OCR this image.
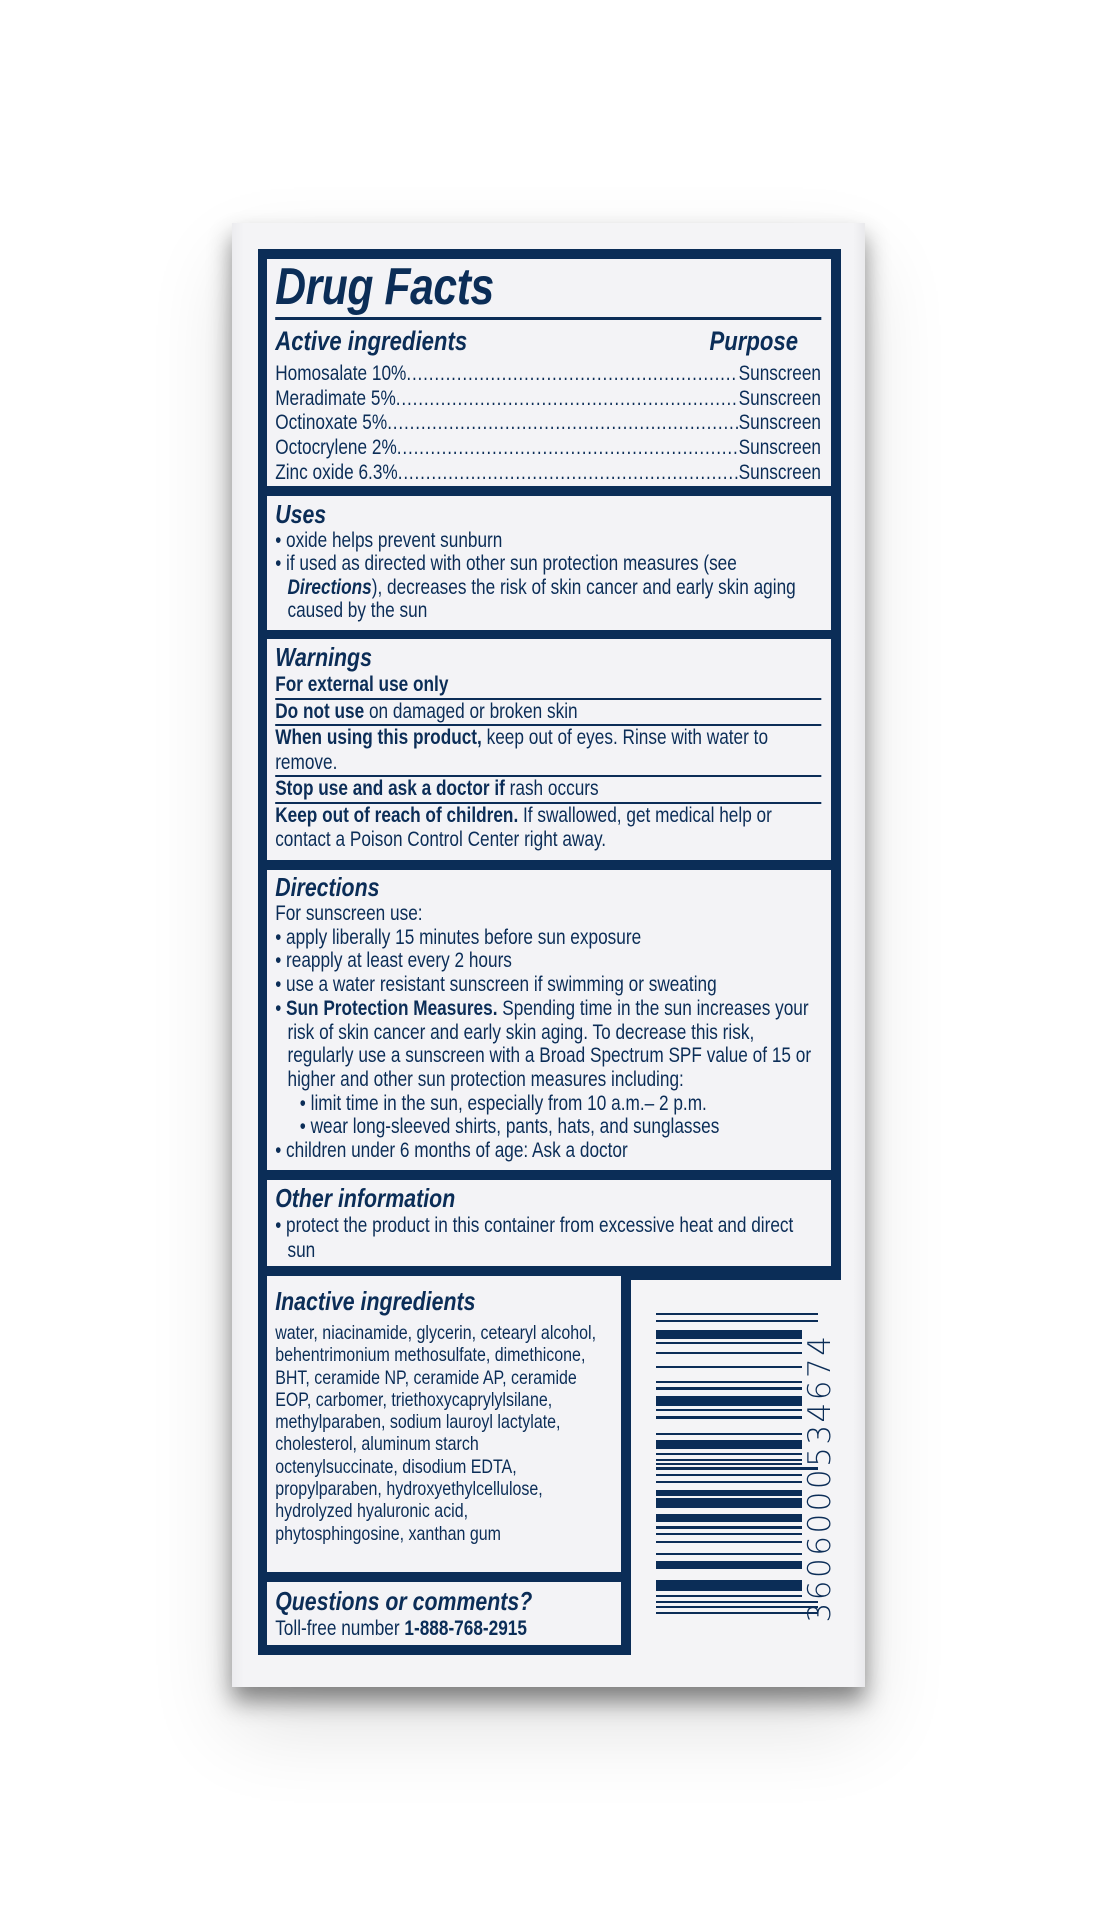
Drug Facts
Active ingredients	Purpose
Homosalate 10% .....	Sunscreen
Meradimate 5% .....	Sunscreen
Octinoxate 5% .....	Sunscreen
Octocrylene 2% .....	Sunscreen
Zinc oxide 6.3% .....	Sunscreen
Uses
• oxide helps prevent sunburn
• if used as directed with other sun protection measures (see Directions), decreases the risk of skin cancer and early skin aging caused by the sun
Warnings
For external use only
Do not use on damaged or broken skin
When using this product, keep out of eyes. Rinse with water to remove.
Stop use and ask a doctor if rash occurs
Keep out of reach of children. If swallowed, get medical help or contact a Poison Control Center right away.
Directions
For sunscreen use:
• apply liberally 15 minutes before sun exposure
• reapply at least every 2 hours
• use a water resistant sunscreen if swimming or sweating
• Sun Protection Measures. Spending time in the sun increases your risk of skin cancer and early skin aging. To decrease this risk, regularly use a sunscreen with a Broad Spectrum SPF value of 15 or higher and other sun protection measures including:
• limit time in the sun, especially from 10 a.m.– 2 p.m.
• wear long-sleeved shirts, pants, hats, and sunglasses
• children under 6 months of age: Ask a doctor
Other information
• protect the product in this container from excessive heat and direct sun
Inactive ingredients
water, niacinamide, glycerin, cetearyl alcohol,
behentrimonium methosulfate, dimethicone,
BHT, ceramide NP, ceramide AP, ceramide
EOP, carbomer, triethoxycaprylylsilane,
methylparaben, sodium lauroyl lactylate,
cholesterol, aluminum starch
octenylsuccinate, disodium EDTA,
propylparaben, hydroxyethylcellulose,
hydrolyzed hyaluronic acid,
phytosphingosine, xanthan gum
Questions or comments?
Toll-free number 1-888-768-2915
3606000534674
